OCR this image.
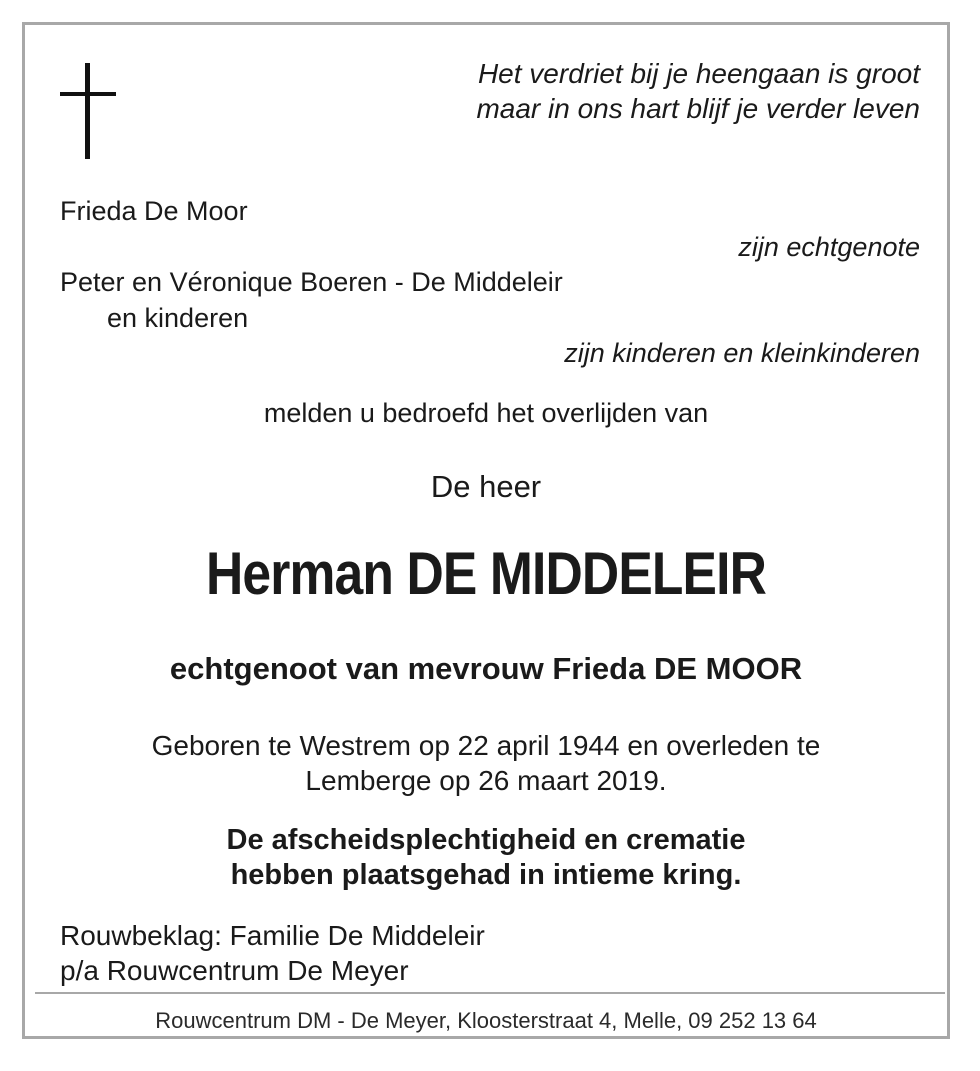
Het verdriet bij je heengaan is groot
maar in ons hart blijf je verder leven
Frieda De Moor
zijn echtgenote
Peter en Véronique Boeren - De Middeleir
en kinderen
zijn kinderen en kleinkinderen
melden u bedroefd het overlijden van
De heer
Herman DE MIDDELEIR
echtgenoot van mevrouw Frieda DE MOOR
Geboren te Westrem op 22 april 1944 en overleden te
Lemberge op 26 maart 2019.
De afscheidsplechtigheid en crematie
hebben plaatsgehad in intieme kring.
Rouwbeklag: Familie De Middeleir
p/a Rouwcentrum De Meyer
Rouwcentrum DM - De Meyer, Kloosterstraat 4, Melle, 09 252 13 64
